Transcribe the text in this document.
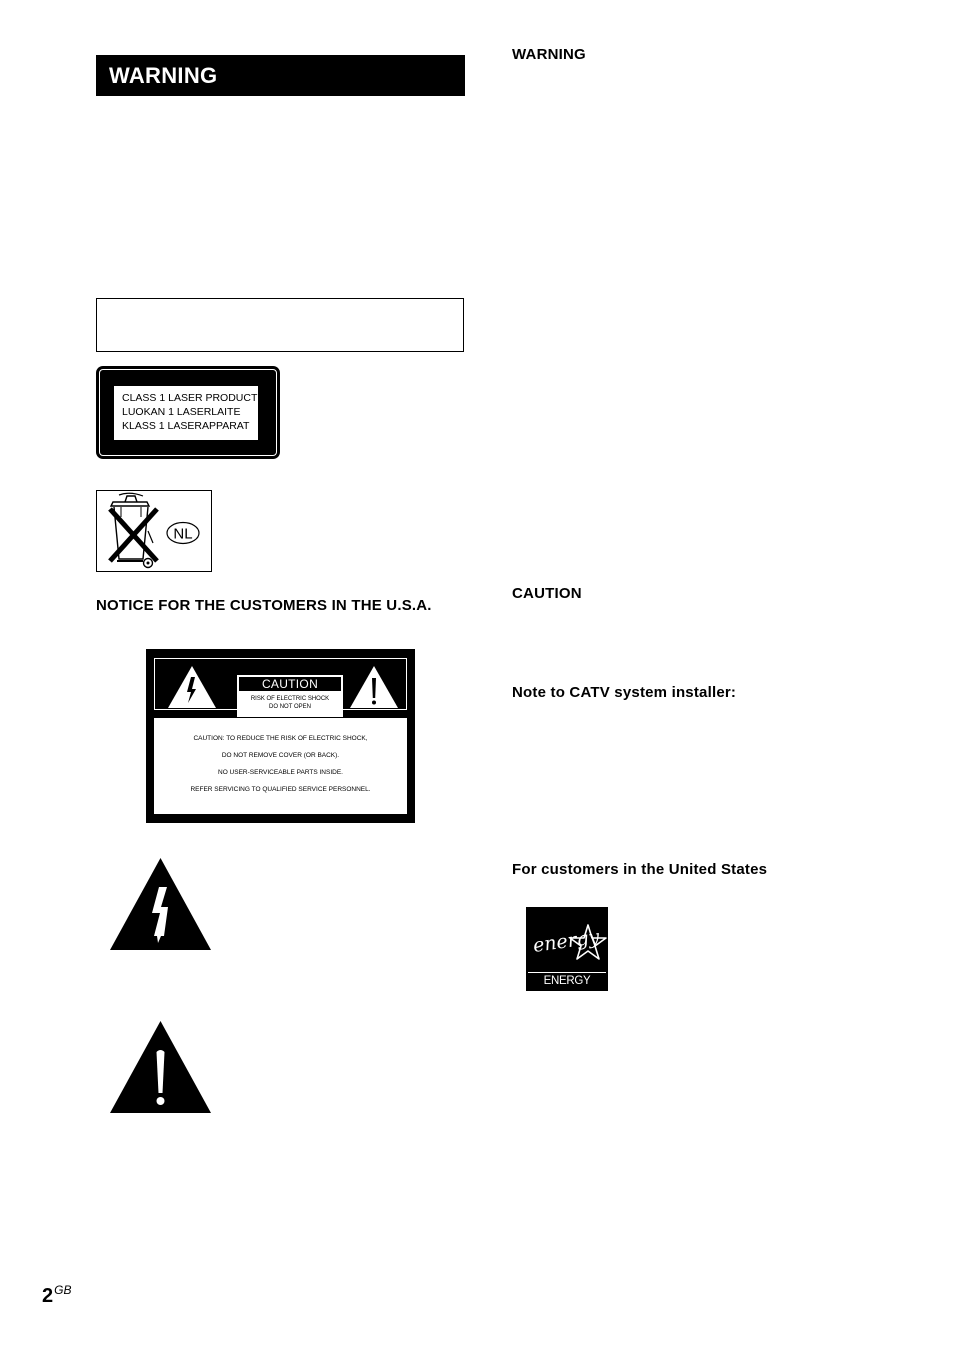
WARNING
CLASS 1 LASER PRODUCT
LUOKAN 1 LASERLAITE
KLASS 1 LASERAPPARAT
NL
NOTICE FOR THE CUSTOMERS IN THE U.S.A.
CAUTION
RISK OF ELECTRIC SHOCK
DO NOT OPEN
CAUTION: TO REDUCE THE RISK OF ELECTRIC SHOCK,
DO NOT REMOVE COVER (OR BACK).
NO USER-SERVICEABLE PARTS INSIDE.
REFER SERVICING TO QUALIFIED SERVICE PERSONNEL.
WARNING
CAUTION
Note to CATV system installer:
For customers in the United States
energy
ENERGY STAR
$2^{GB}$
